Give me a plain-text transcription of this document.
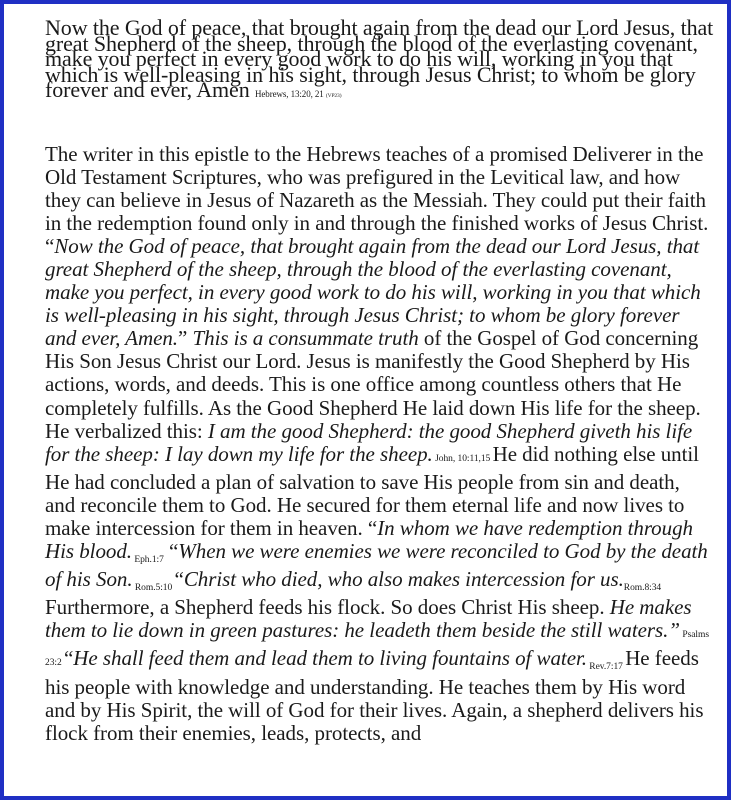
Now the God of peace, that brought again from the dead our Lord Jesus, that great Shepherd of the sheep, through the blood of the everlasting covenant, make you perfect in every good work to do his will, working in you that which is well-pleasing in his sight, through Jesus Christ; to whom be glory forever and ever, Amen Hebrews, 13:20, 21 (VP23)
The writer in this epistle to the Hebrews teaches of a promised Deliverer in the Old Testament Scriptures, who was prefigured in the Levitical law, and how they can believe in Jesus of Nazareth as the Messiah. They could put their faith in the redemption found only in and through the finished works of Jesus Christ. “Now the God of peace, that brought again from the dead our Lord Jesus, that great Shepherd of the sheep, through the blood of the everlasting covenant, make you perfect, in every good work to do his will, working in you that which is well-pleasing in his sight, through Jesus Christ; to whom be glory forever and ever, Amen.” This is a consummate truth of the Gospel of God concerning His Son Jesus Christ our Lord. Jesus is manifestly the Good Shepherd by His actions, words, and deeds. This is one office among countless others that He completely fulfills. As the Good Shepherd He laid down His life for the sheep. He verbalized this: I am the good Shepherd: the good Shepherd giveth his life for the sheep: I lay down my life for the sheep. John, 10:11,15 He did nothing else until He had concluded a plan of salvation to save His people from sin and death, and reconcile them to God. He secured for them eternal life and now lives to make intercession for them in heaven. “In whom we have redemption through His blood. Eph.1:7 “When we were enemies we were reconciled to God by the death of his Son. Rom.5:10 “Christ who died, who also makes intercession for us.Rom.8:34 Furthermore, a Shepherd feeds his flock. So does Christ His sheep. He makes them to lie down in green pastures: he leadeth them beside the still waters.” Psalms 23:2 “He shall feed them and lead them to living fountains of water. Rev.7:17 He feeds his people with knowledge and understanding. He teaches them by His word and by His Spirit, the will of God for their lives. Again, a shepherd delivers his flock from their enemies, leads, protects, and
